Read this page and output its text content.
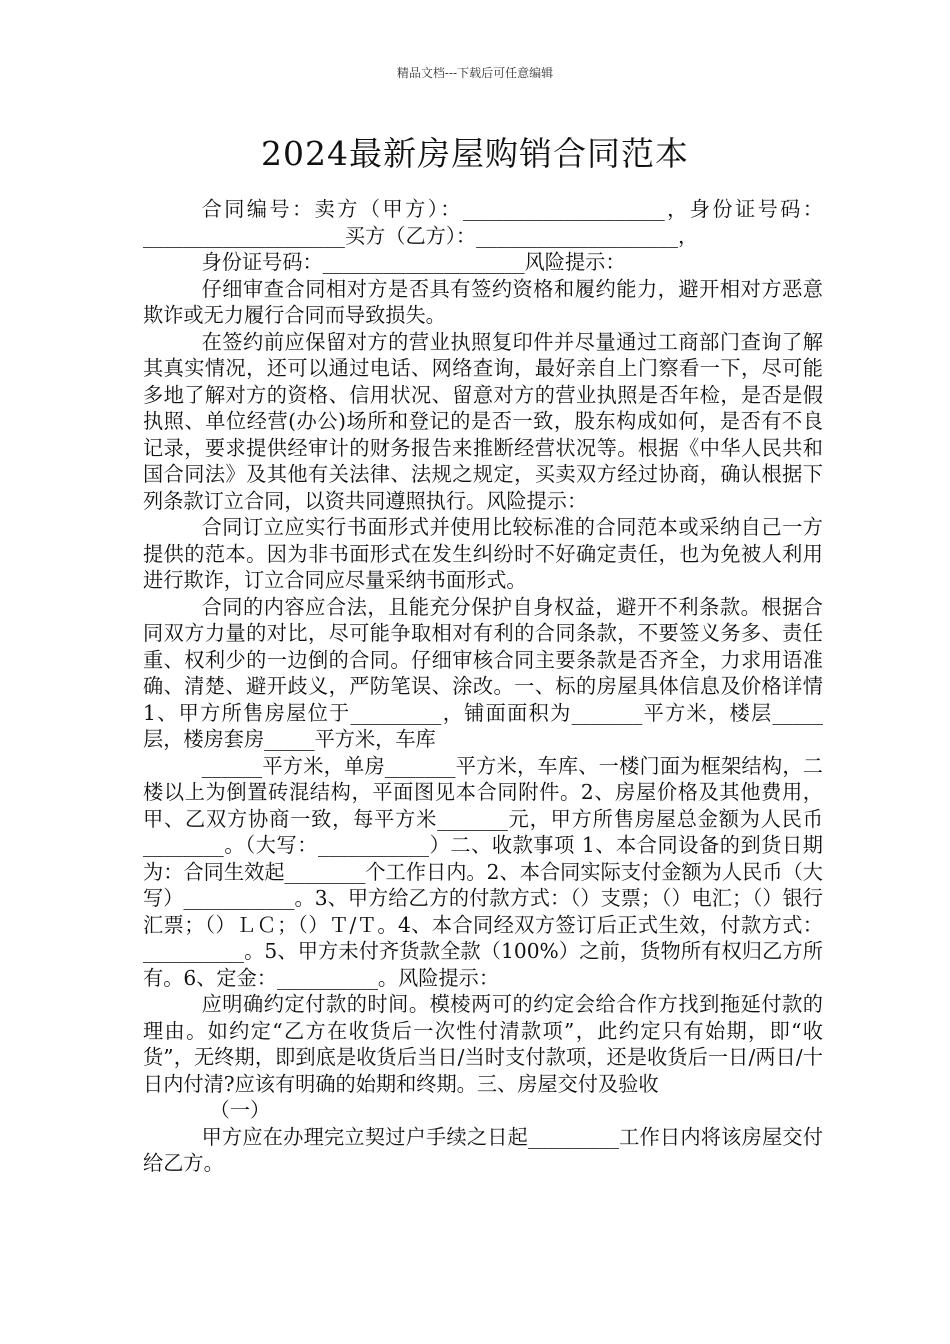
精品文档---下载后可任意编辑
2024最新房屋购销合同范本

合同编号：卖方（甲方）：____________________，身份证号码：____________________买方（乙方）：____________________，

身份证号码：____________________风险提示：

仔细审查合同相对方是否具有签约资格和履约能力，避开相对方恶意欺诈或无力履行合同而导致损失。

在签约前应保留对方的营业执照复印件并尽量通过工商部门查询了解其真实情况，还可以通过电话、网络查询，最好亲自上门察看一下，尽可能多地了解对方的资格、信用状况、留意对方的营业执照是否年检，是否是假执照、单位经营(办公)场所和登记的是否一致，股东构成如何，是否有不良记录，要求提供经审计的财务报告来推断经营状况等。根据《中华人民共和国合同法》及其他有关法律、法规之规定，买卖双方经过协商，确认根据下列条款订立合同，以资共同遵照执行。风险提示：

合同订立应实行书面形式并使用比较标准的合同范本或采纳自己一方提供的范本。因为非书面形式在发生纠纷时不好确定责任，也为免被人利用进行欺诈，订立合同应尽量采纳书面形式。

合同的内容应合法，且能充分保护自身权益，避开不利条款。根据合同双方力量的对比，尽可能争取相对有利的合同条款，不要签义务多、责任重、权利少的一边倒的合同。仔细审核合同主要条款是否齐全，力求用语准确、清楚、避开歧义，严防笔误、涂改。一、标的房屋具体信息及价格详情 1、甲方所售房屋位于_________，铺面面积为_______平方米，楼层_____层，楼房套房_____平方米，车库

______平方米，单房_______平方米，车库、一楼门面为框架结构，二楼以上为倒置砖混结构，平面图见本合同附件。2、房屋价格及其他费用，甲、乙双方协商一致，每平方米_______元，甲方所售房屋总金额为人民币________。（大写：___________）二、收款事项 1、本合同设备的到货日期为：合同生效起________个工作日内。2、本合同实际支付金额为人民币（大写）___________。3、甲方给乙方的付款方式：（）支票；（）电汇；（）银行汇票；（）ＬＣ；（）Ｔ/Ｔ。4、本合同经双方签订后正式生效，付款方式：__________。5、甲方未付齐货款全款（100%）之前，货物所有权归乙方所有。6、定金：__________。风险提示：

应明确约定付款的时间。模棱两可的约定会给合作方找到拖延付款的理由。如约定“乙方在收货后一次性付清款项”，此约定只有始期，即“收货”，无终期，即到底是收货后当日/当时支付款项，还是收货后一日/两日/十日内付清?应该有明确的始期和终期。三、房屋交付及验收

（一）

甲方应在办理完立契过户手续之日起_________工作日内将该房屋交付给乙方。
